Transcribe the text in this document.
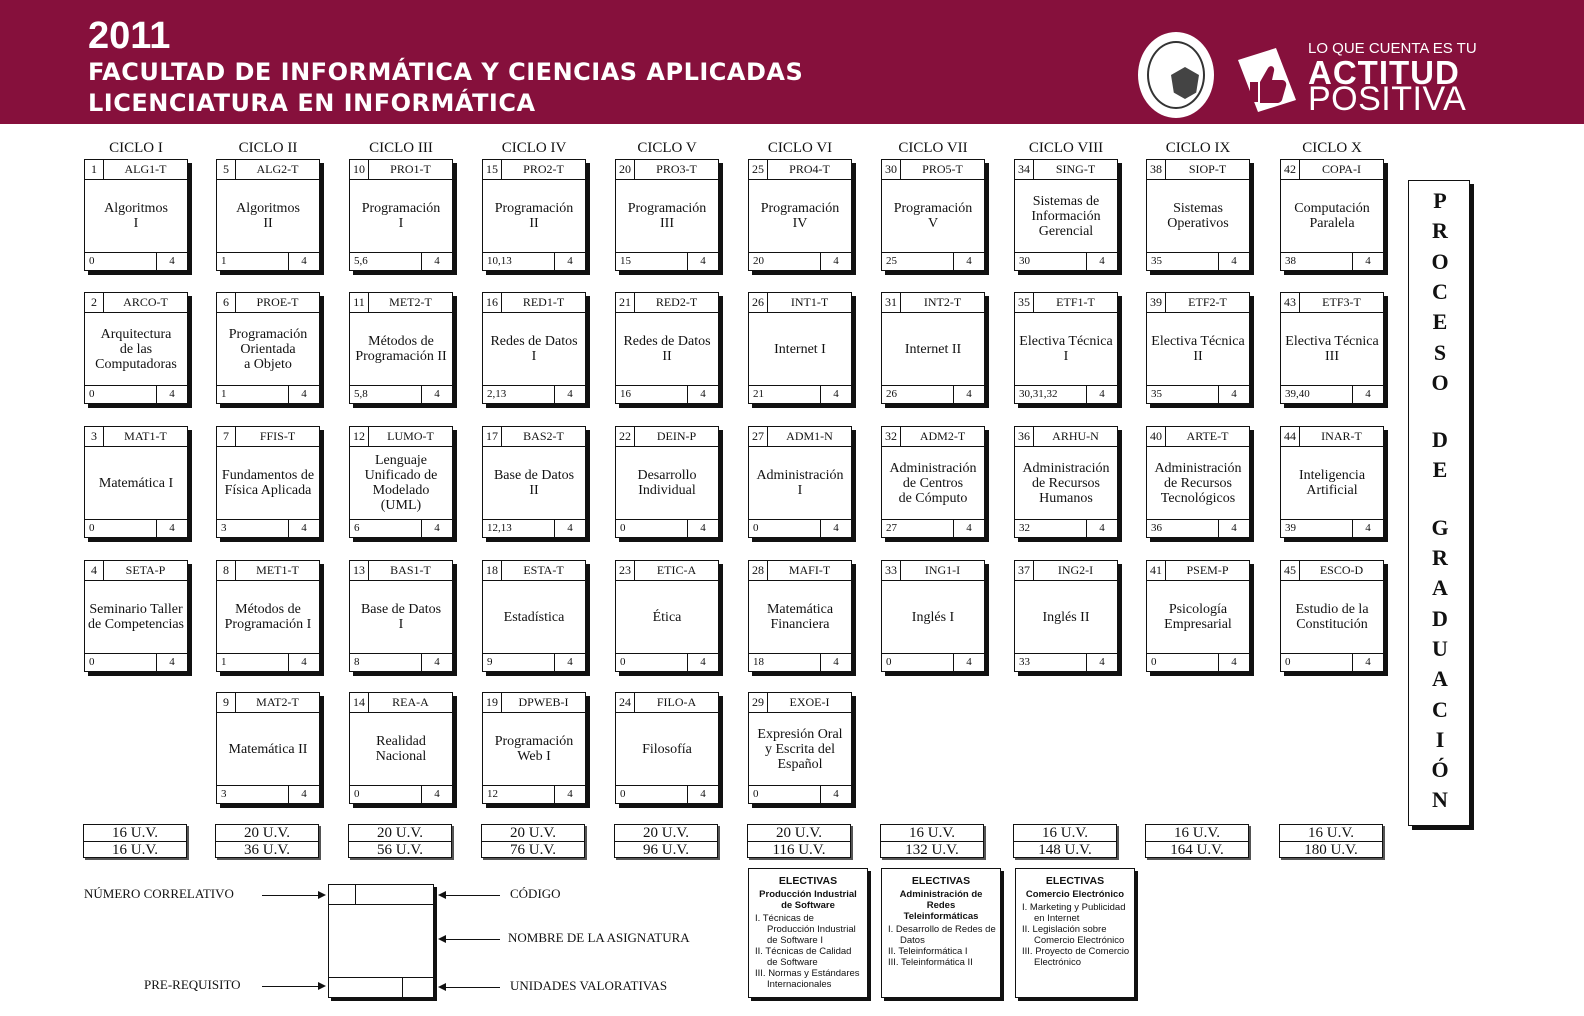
2011
FACULTAD DE INFORMÁTICA Y CIENCIAS APLICADAS
LICENCIATURA EN INFORMÁTICA
LO QUE CUENTA ES TU
ACTITUD
POSITIVA
CICLO I
1	ALG1-T
Algoritmos
I
0	4
2	ARCO-T
Arquitectura
de las
Computadoras
0	4
3	MAT1-T
Matemática I
0	4
4	SETA-P
Seminario Taller
de Competencias
0	4
16 U.V.
16 U.V.
CICLO II
5	ALG2-T
Algoritmos
II
1	4
6	PROE-T
Programación
Orientada
a Objeto
1	4
7	FFIS-T
Fundamentos de
Física Aplicada
3	4
8	MET1-T
Métodos de
Programación I
1	4
9	MAT2-T
Matemática II
3	4
20 U.V.
36 U.V.
CICLO III
10	PRO1-T
Programación
I
5,6	4
11	MET2-T
Métodos de
Programación II
5,8	4
12	LUMO-T
Lenguaje
Unificado de
Modelado
(UML)
6	4
13	BAS1-T
Base de Datos
I
8	4
14	REA-A
Realidad
Nacional
0	4
20 U.V.
56 U.V.
CICLO IV
15	PRO2-T
Programación
II
10,13	4
16	RED1-T
Redes de Datos
I
2,13	4
17	BAS2-T
Base de Datos
II
12,13	4
18	ESTA-T
Estadística
9	4
19	DPWEB-I
Programación
Web I
12	4
20 U.V.
76 U.V.
CICLO V
20	PRO3-T
Programación
III
15	4
21	RED2-T
Redes de Datos
II
16	4
22	DEIN-P
Desarrollo
Individual
0	4
23	ETIC-A
Ética
0	4
24	FILO-A
Filosofía
0	4
20 U.V.
96 U.V.
CICLO VI
25	PRO4-T
Programación
IV
20	4
26	INT1-T
Internet I
21	4
27	ADM1-N
Administración
I
0	4
28	MAFI-T
Matemática
Financiera
18	4
29	EXOE-I
Expresión Oral
y Escrita del
Español
0	4
20 U.V.
116 U.V.
CICLO VII
30	PRO5-T
Programación
V
25	4
31	INT2-T
Internet II
26	4
32	ADM2-T
Administración
de Centros
de Cómputo
27	4
33	ING1-I
Inglés I
0	4
16 U.V.
132 U.V.
CICLO VIII
34	SING-T
Sistemas de
Información
Gerencial
30	4
35	ETF1-T
Electiva Técnica
I
30,31,32	4
36	ARHU-N
Administración
de Recursos
Humanos
32	4
37	ING2-I
Inglés II
33	4
16 U.V.
148 U.V.
CICLO IX
38	SIOP-T
Sistemas
Operativos
35	4
39	ETF2-T
Electiva Técnica
II
35	4
40	ARTE-T
Administración
de Recursos
Tecnológicos
36	4
41	PSEM-P
Psicología
Empresarial
0	4
16 U.V.
164 U.V.
CICLO X
42	COPA-I
Computación
Paralela
38	4
43	ETF3-T
Electiva Técnica
III
39,40	4
44	INAR-T
Inteligencia
Artificial
39	4
45	ESCO-D
Estudio de la
Constitución
0	4
16 U.V.
180 U.V.
P
R
O
C
E
S
O
D
E
G
R
A
D
U
A
C
I
Ó
N
NÚMERO CORRELATIVO
PRE-REQUISITO
CÓDIGO
NOMBRE DE LA ASIGNATURA
UNIDADES VALORATIVAS
ELECTIVAS
Producción Industrial
de Software
I. Técnicas de Producción Industrial de Software I
II. Técnicas de Calidad de Software
III. Normas y Estándares Internacionales
ELECTIVAS
Administración de Redes
Teleinformáticas
I. Desarrollo de Redes de Datos
II. Teleinformática I
III. Teleinformática II
ELECTIVAS
Comercio Electrónico
I. Marketing y Publicidad en Internet
II. Legislación sobre Comercio Electrónico
III. Proyecto de Comercio Electrónico
